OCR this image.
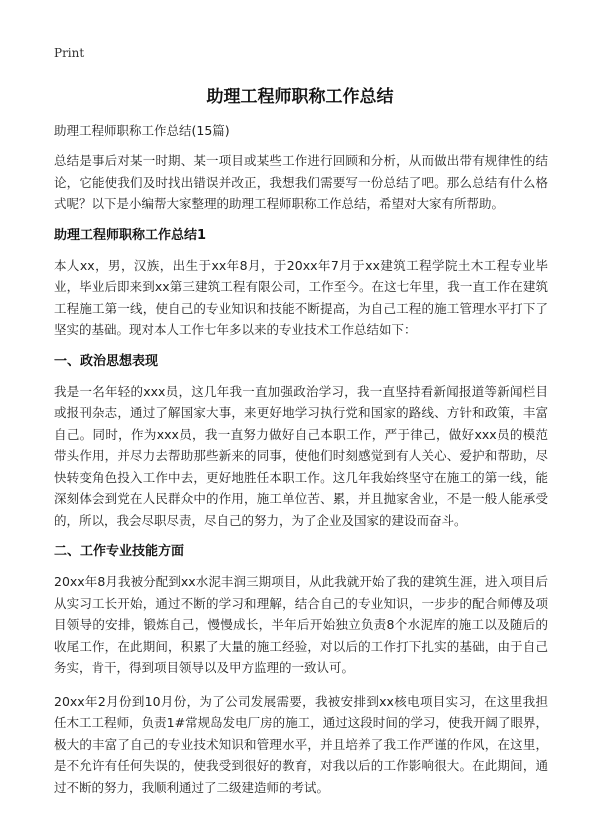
Print
助理工程师职称工作总结
助理工程师职称工作总结(15篇)

总结是事后对某一时期、某一项目或某些工作进行回顾和分析，从而做出带有规律性的结论，它能使我们及时找出错误并改正，我想我们需要写一份总结了吧。那么总结有什么格式呢？以下是小编帮大家整理的助理工程师职称工作总结，希望对大家有所帮助。

助理工程师职称工作总结1

本人xx，男，汉族，出生于xx年8月，于20xx年7月于xx建筑工程学院土木工程专业毕业，毕业后即来到xx第三建筑工程有限公司，工作至今。在这七年里，我一直工作在建筑工程施工第一线，使自己的专业知识和技能不断提高，为自己工程的施工管理水平打下了坚实的基础。现对本人工作七年多以来的专业技术工作总结如下：

一、政治思想表现

我是一名年轻的xxx员，这几年我一直加强政治学习，我一直坚持看新闻报道等新闻栏目或报刊杂志，通过了解国家大事，来更好地学习执行党和国家的路线、方针和政策，丰富自己。同时，作为xxx员，我一直努力做好自己本职工作，严于律己，做好xxx员的模范带头作用，并尽力去帮助那些新来的同事，使他们时刻感觉到有人关心、爱护和帮助，尽快转变角色投入工作中去，更好地胜任本职工作。这几年我始终坚守在施工的第一线，能深刻体会到党在人民群众中的作用，施工单位苦、累，并且抛家舍业，不是一般人能承受的，所以，我会尽职尽责，尽自己的努力，为了企业及国家的建设而奋斗。

二、工作专业技能方面

20xx年8月我被分配到xx水泥丰润三期项目，从此我就开始了我的建筑生涯，进入项目后从实习工长开始，通过不断的学习和理解，结合自己的专业知识，一步步的配合师傅及项目领导的安排，锻炼自己，慢慢成长，半年后开始独立负责8个水泥库的施工以及随后的收尾工作，在此期间，积累了大量的施工经验，对以后的工作打下扎实的基础，由于自己务实，肯干，得到项目领导以及甲方监理的一致认可。

20xx年2月份到10月份，为了公司发展需要，我被安排到xx核电项目实习，在这里我担任木工工程师，负责1#常规岛发电厂房的施工，通过这段时间的学习，使我开阔了眼界，极大的丰富了自己的专业技术知识和管理水平，并且培养了我工作严谨的作风，在这里，是不允许有任何失误的，使我受到很好的教育，对我以后的工作影响很大。在此期间，通过不断的努力，我顺利通过了二级建造师的考试。
